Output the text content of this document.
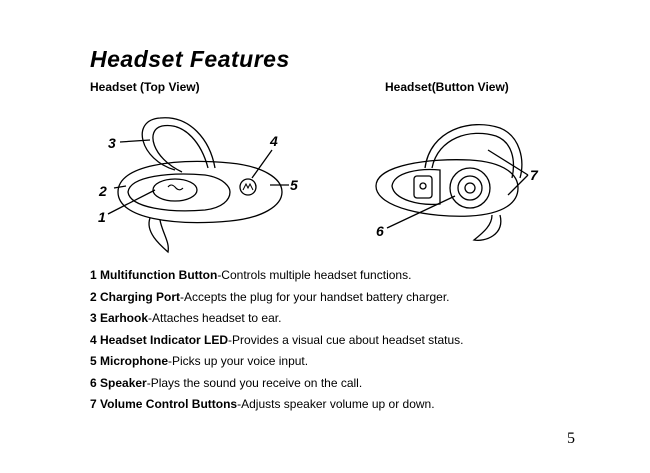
Headset Features

Headset (Top View)	Headset(Button View)

3
2
1
4
5
6
7
1 Multifunction Button-Controls multiple headset functions.
2 Charging Port-Accepts the plug for your handset battery charger.
3 Earhook-Attaches headset to ear.
4 Headset Indicator LED-Provides a visual cue about headset status.
5 Microphone-Picks up your voice input.
6 Speaker-Plays the sound you receive on the call.
7 Volume Control Buttons-Adjusts speaker volume up or down.
5
